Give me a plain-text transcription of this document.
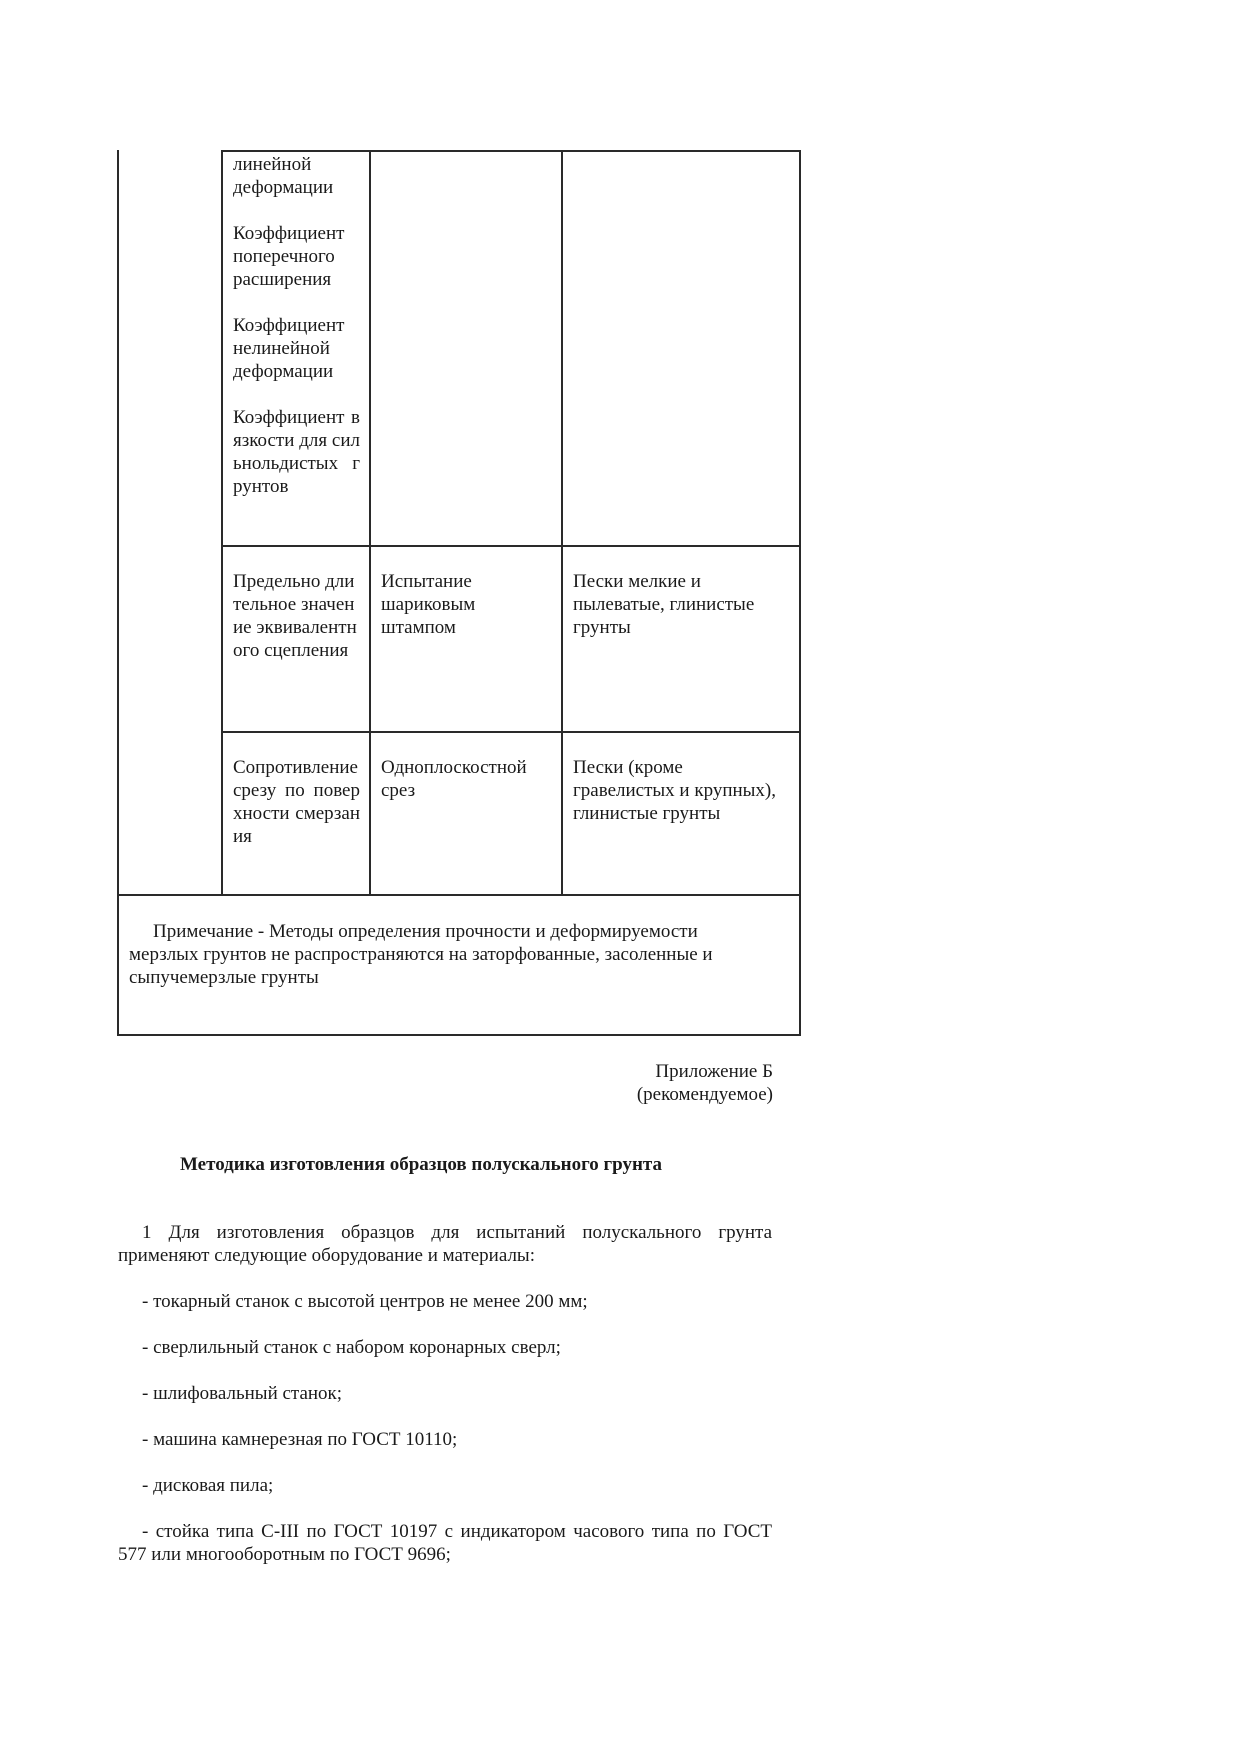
линейной деформации

Коэффициент поперечного расширения

Коэффициент нелинейной деформации

Коэффициент вязкости для сильнольдистых грунтов

Предельно длительное значение эквивалентного сцепления
Испытание шариковым штампом
Пески мелкие и пылеватые, глинистые грунты
Сопротивление срезу по поверхности смерзания
Одноплоскостной срез
Пески (кроме гравелистых и крупных), глинистые грунты
Примечание - Методы определения прочности и деформируемости мерзлых грунтов не распространяются на заторфованные, засоленные и сыпучемерзлые грунты
Приложение Б
(рекомендуемое)
Методика изготовления образцов полускального грунта
1 Для изготовления образцов для испытаний полускального грунта применяют следующие оборудование и материалы:
- токарный станок с высотой центров не менее 200 мм;
- сверлильный станок с набором коронарных сверл;
- шлифовальный станок;
- машина камнерезная по ГОСТ 10110;
- дисковая пила;
- стойка типа С-III по ГОСТ 10197 с индикатором часового типа по ГОСТ 577 или многооборотным по ГОСТ 9696;
